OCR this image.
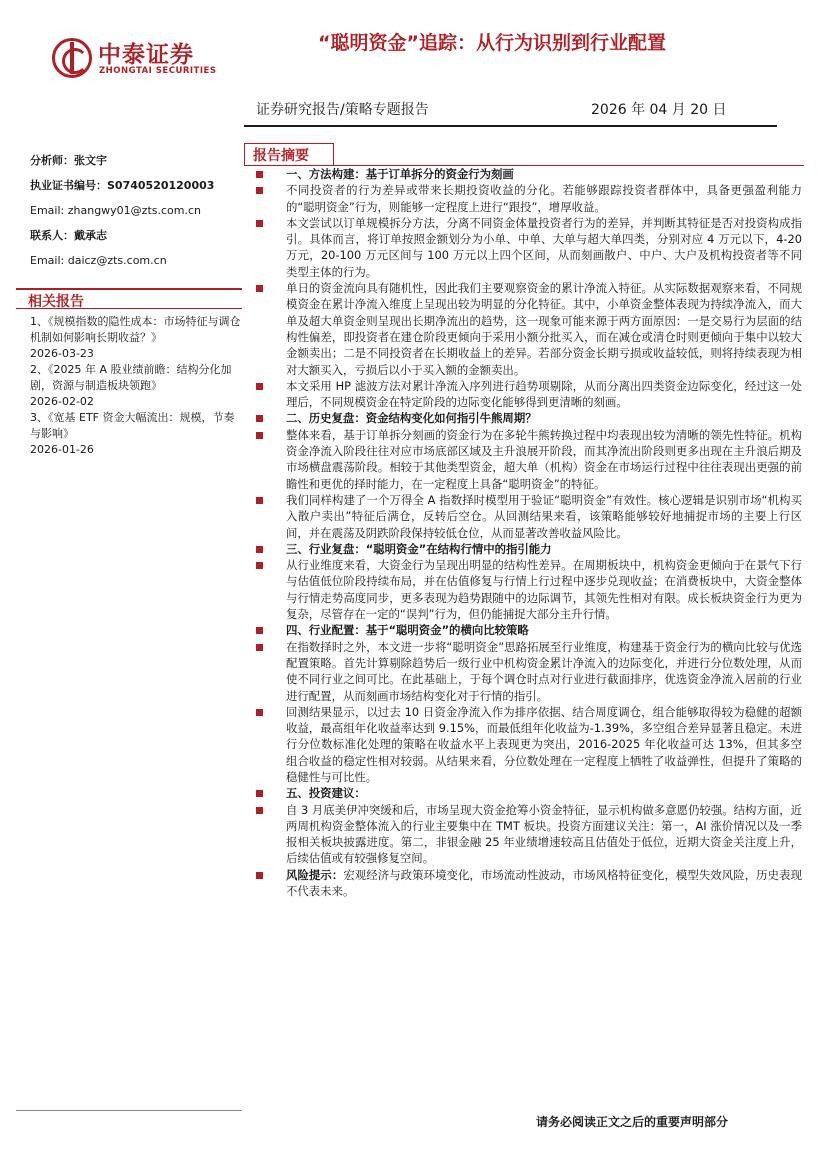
中泰证券
ZHONGTAI SECURITIES
“聪明资金”追踪：从行为识别到行业配置
证券研究报告/策略专题报告	2026 年 04 月 20 日
分析师：张文宇
执业证书编号：S0740520120003
Email: zhangwy01@zts.com.cn
联系人：戴承志
Email: daicz@zts.com.cn
相关报告
1、《规模指数的隐性成本：市场特征与调仓机制如何影响长期收益？》
2026-03-23
2、《2025 年 A 股业绩前瞻：结构分化加剧，资源与制造板块领跑》
2026-02-02
3、《宽基 ETF 资金大幅流出：规模，节奏与影响》
2026-01-26
报告摘要
一、方法构建：基于订单拆分的资金行为刻画
不同投资者的行为差异或带来长期投资收益的分化。若能够跟踪投资者群体中，具备更强盈利能力的“聪明资金”行为，则能够一定程度上进行“跟投”，增厚收益。
本文尝试以订单规模拆分方法，分离不同资金体量投资者行为的差异，并判断其特征是否对投资构成指引。具体而言，将订单按照金额划分为小单、中单、大单与超大单四类，分别对应 4 万元以下，4-20 万元，20-100 万元区间与 100 万元以上四个区间，从而刻画散户、中户、大户及机构投资者等不同类型主体的行为。
单日的资金流向具有随机性，因此我们主要观察资金的累计净流入特征。从实际数据观察来看，不同规模资金在累计净流入维度上呈现出较为明显的分化特征。其中，小单资金整体表现为持续净流入，而大单及超大单资金则呈现出长期净流出的趋势，这一现象可能来源于两方面原因：一是交易行为层面的结构性偏差，即投资者在建仓阶段更倾向于采用小额分批买入，而在减仓或清仓时则更倾向于集中以较大金额卖出；二是不同投资者在长期收益上的差异。若部分资金长期亏损或收益较低，则将持续表现为相对大额买入，亏损后以小于买入额的金额卖出。
本文采用 HP 滤波方法对累计净流入序列进行趋势项剔除，从而分离出四类资金边际变化，经过这一处理后，不同规模资金在特定阶段的边际变化能够得到更清晰的刻画。
二、历史复盘：资金结构变化如何指引牛熊周期？
整体来看，基于订单拆分刻画的资金行为在多轮牛熊转换过程中均表现出较为清晰的领先性特征。机构资金净流入阶段往往对应市场底部区域及主升浪展开阶段，而其净流出阶段则更多出现在主升浪后期及市场横盘震荡阶段。相较于其他类型资金，超大单（机构）资金在市场运行过程中往往表现出更强的前瞻性和更优的择时能力，在一定程度上具备“聪明资金”的特征。
我们同样构建了一个万得全 A 指数择时模型用于验证“聪明资金”有效性。核心逻辑是识别市场“机构买入散户卖出”特征后满仓，反转后空仓。从回测结果来看，该策略能够较好地捕捉市场的主要上行区间，并在震荡及阴跌阶段保持较低仓位，从而显著改善收益风险比。
三、行业复盘：“聪明资金”在结构行情中的指引能力
从行业维度来看，大资金行为呈现出明显的结构性差异。在周期板块中，机构资金更倾向于在景气下行与估值低位阶段持续布局，并在估值修复与行情上行过程中逐步兑现收益；在消费板块中，大资金整体与行情走势高度同步，更多表现为趋势跟随中的边际调节，其领先性相对有限。成长板块资金行为更为复杂，尽管存在一定的“误判”行为，但仍能捕捉大部分主升行情。
四、行业配置：基于“聪明资金”的横向比较策略
在指数择时之外，本文进一步将“聪明资金”思路拓展至行业维度，构建基于资金行为的横向比较与优选配置策略。首先计算剔除趋势后一级行业中机构资金累计净流入的边际变化，并进行分位数处理，从而使不同行业之间可比。在此基础上，于每个调仓时点对行业进行截面排序，优选资金净流入居前的行业进行配置，从而刻画市场结构变化对于行情的指引。
回测结果显示，以过去 10 日资金净流入作为排序依据、结合周度调仓，组合能够取得较为稳健的超额收益，最高组年化收益率达到 9.15%，而最低组年化收益为-1.39%，多空组合差异显著且稳定。未进行分位数标准化处理的策略在收益水平上表现更为突出，2016-2025 年化收益可达 13%，但其多空组合收益的稳定性相对较弱。从结果来看，分位数处理在一定程度上牺牲了收益弹性，但提升了策略的稳健性与可比性。
五、投资建议：
自 3 月底美伊冲突缓和后，市场呈现大资金抢筹小资金特征，显示机构做多意愿仍较强。结构方面，近两周机构资金整体流入的行业主要集中在 TMT 板块。投资方面建议关注：第一，AI 涨价情况以及一季报相关板块披露进度。第二，非银金融 25 年业绩增速较高且估值处于低位，近期大资金关注度上升，后续估值或有较强修复空间。
风险提示：宏观经济与政策环境变化，市场流动性波动，市场风格特征变化，模型失效风险，历史表现不代表未来。
请务必阅读正文之后的重要声明部分
